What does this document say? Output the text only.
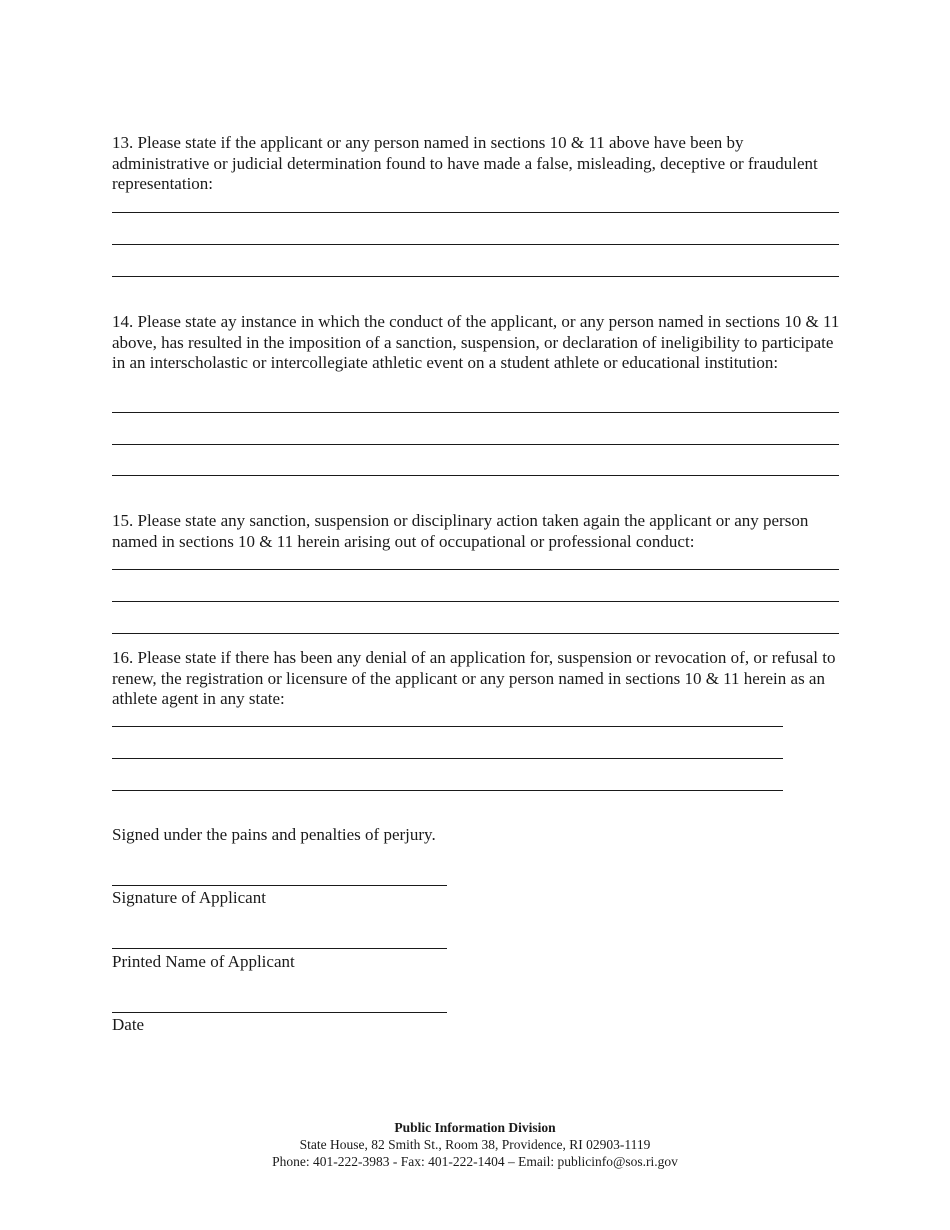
13. Please state if the applicant or any person named in sections 10 & 11 above have been by administrative or judicial determination found to have made a false, misleading, deceptive or fraudulent representation:
14. Please state ay instance in which the conduct of the applicant, or any person named in sections 10 & 11 above, has resulted in the imposition of a sanction, suspension, or declaration of ineligibility to participate in an interscholastic or intercollegiate athletic event on a student athlete or educational institution:
15. Please state any sanction, suspension or disciplinary action taken again the applicant or any person named in sections 10 & 11 herein arising out of occupational or professional conduct:
16. Please state if there has been any denial of an application for, suspension or revocation of, or refusal to renew, the registration or licensure of the applicant or any person named in sections 10 & 11 herein as an athlete agent in any state:
Signed under the pains and penalties of perjury.
Signature of Applicant
Printed Name of Applicant
Date
Public Information Division
State House, 82 Smith St., Room 38, Providence, RI 02903-1119
Phone: 401-222-3983 - Fax: 401-222-1404 – Email: publicinfo@sos.ri.gov
